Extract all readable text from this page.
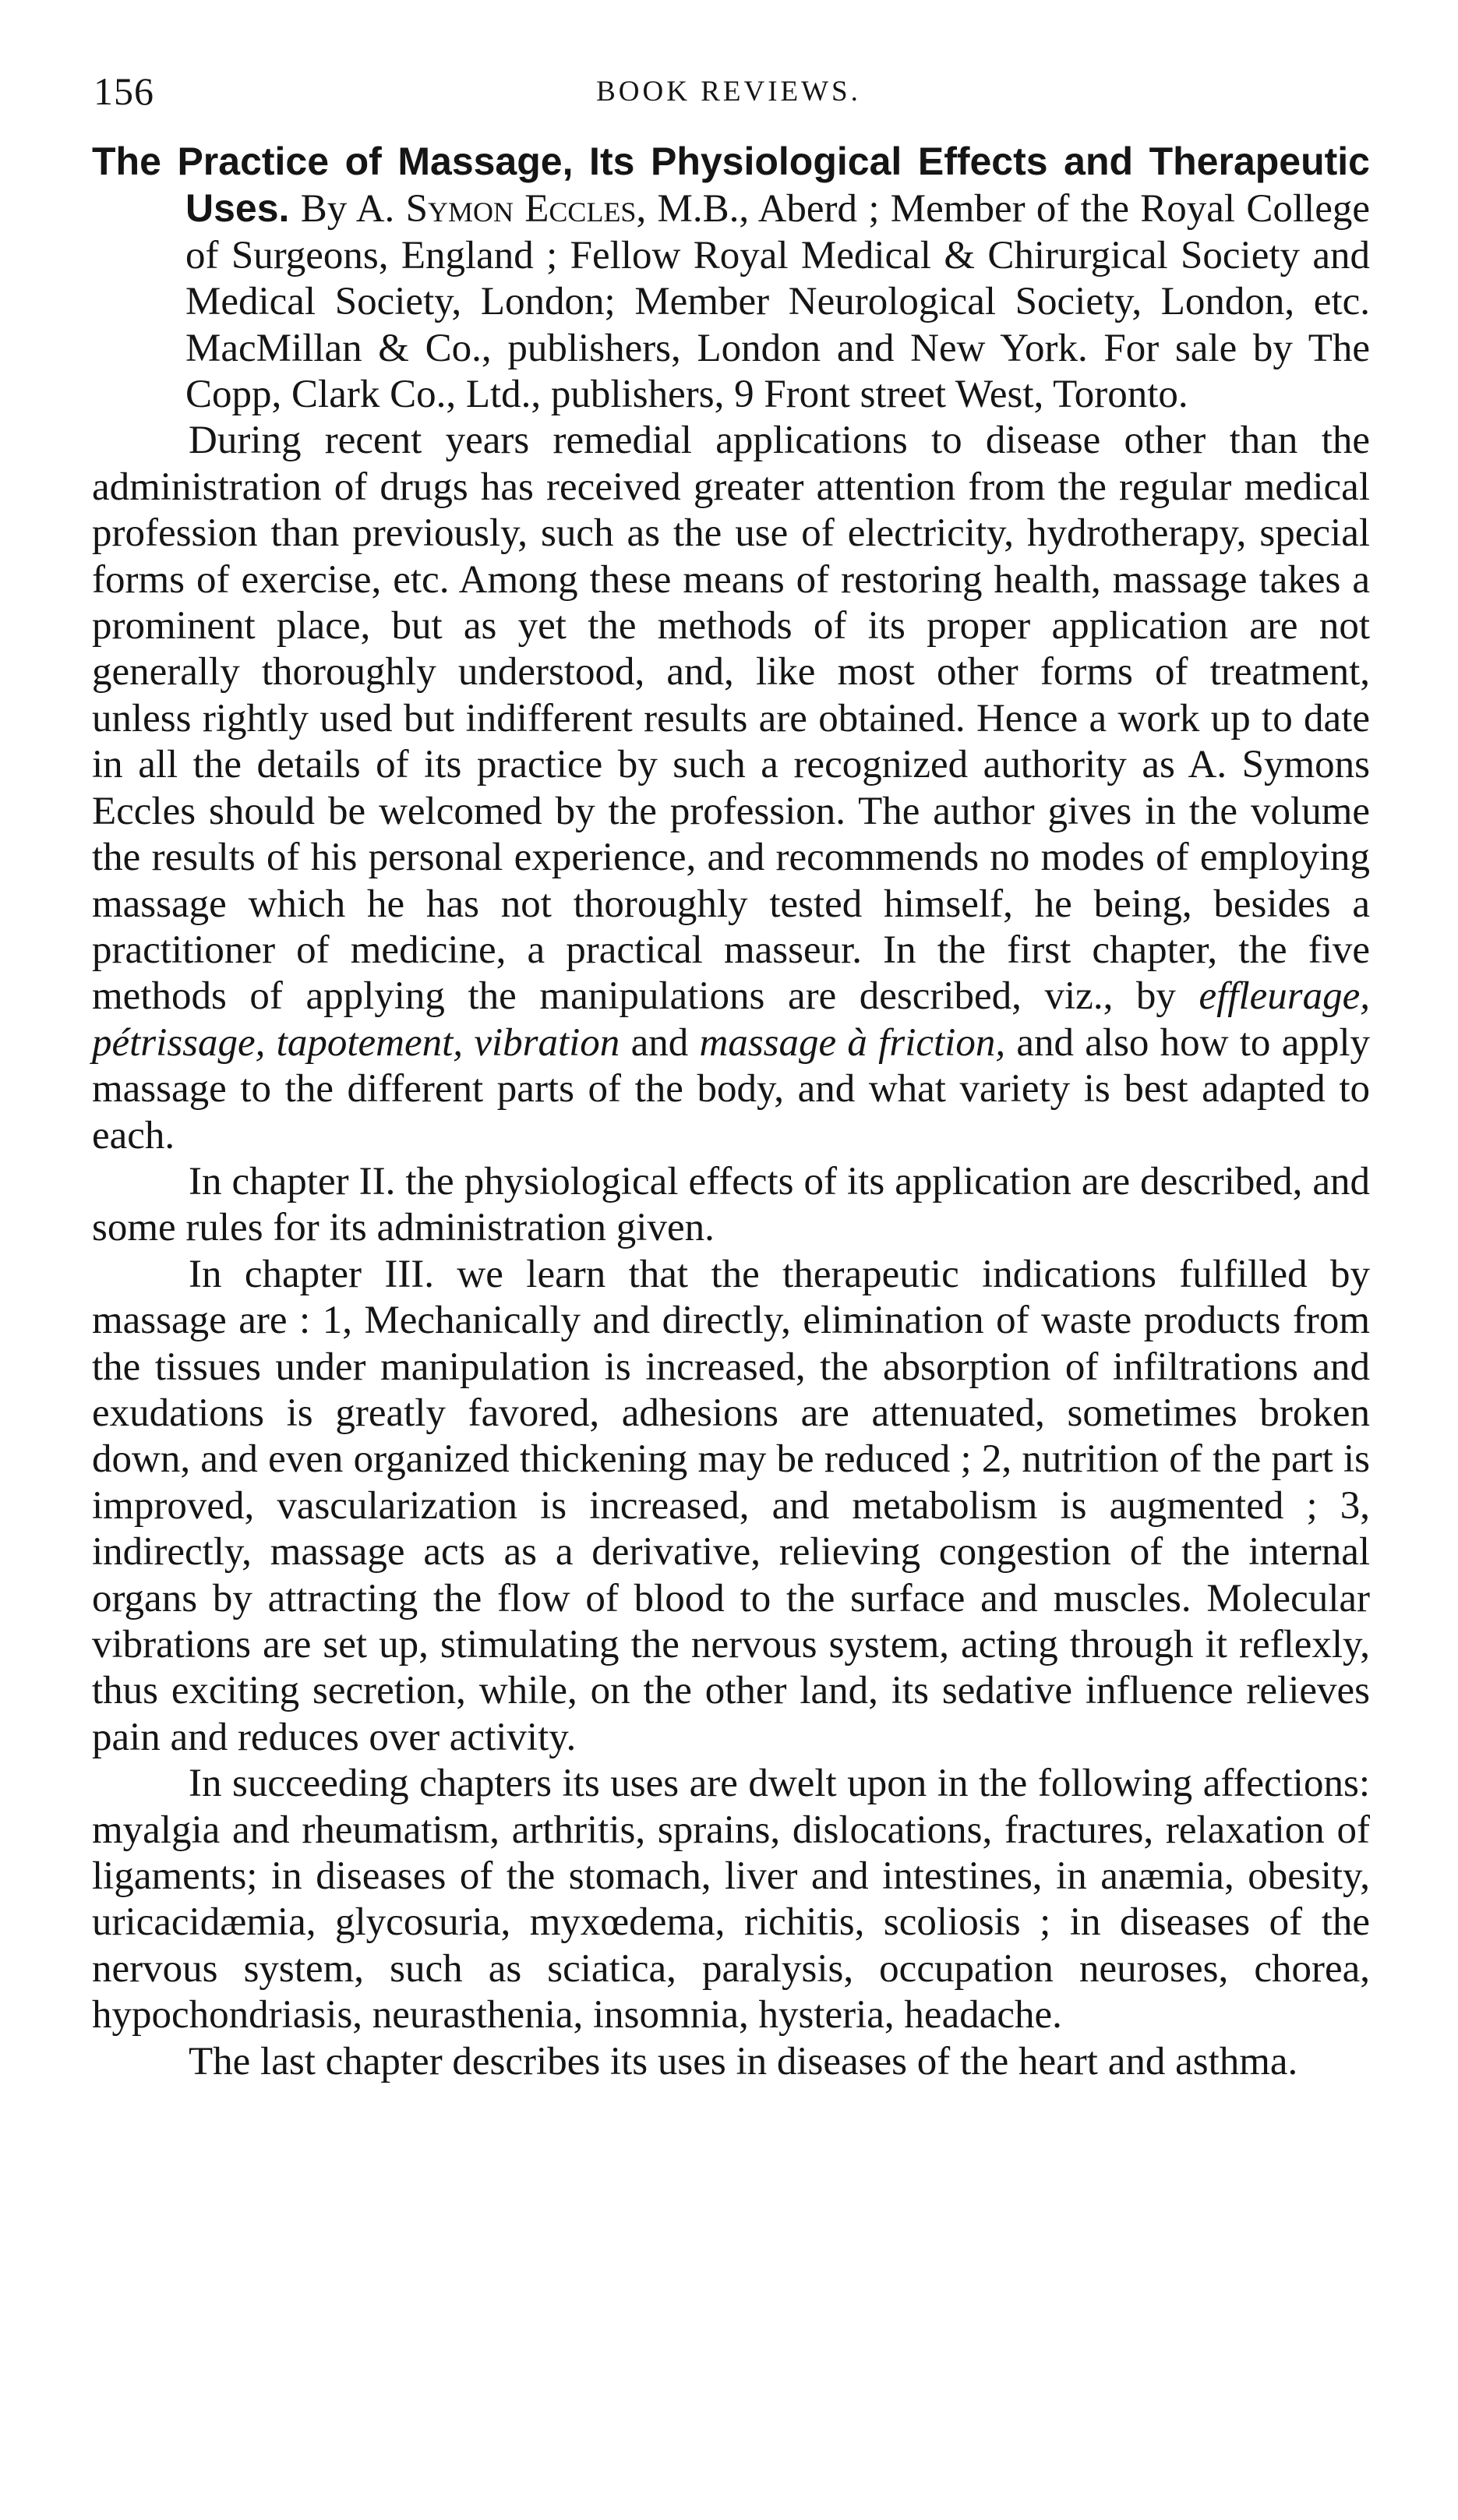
156	BOOK REVIEWS.

The Practice of Massage, Its Physiological Effects and Therapeutic Uses. By A. Symon Eccles, M.B., Aberd ; Member of the Royal College of Surgeons, England ; Fellow Royal Medical & Chirurgical Society and Medical Society, London; Member Neurological Society, London, etc. MacMillan & Co., publishers, London and New York. For sale by The Copp, Clark Co., Ltd., publishers, 9 Front street West, Toronto.

During recent years remedial applications to disease other than the administration of drugs has received greater attention from the regular medical profession than previously, such as the use of electricity, hydrotherapy, special forms of exercise, etc. Among these means of restoring health, massage takes a prominent place, but as yet the methods of its proper application are not generally thoroughly understood, and, like most other forms of treatment, unless rightly used but indifferent results are obtained. Hence a work up to date in all the details of its practice by such a recognized authority as A. Symons Eccles should be welcomed by the profession. The author gives in the volume the results of his personal experience, and recommends no modes of employing massage which he has not thoroughly tested himself, he being, besides a practitioner of medicine, a practical masseur. In the first chapter, the five methods of applying the manipulations are described, viz., by effleurage, pétrissage, tapotement, vibration and massage à friction, and also how to apply massage to the different parts of the body, and what variety is best adapted to each.

In chapter II. the physiological effects of its application are described, and some rules for its administration given.

In chapter III. we learn that the therapeutic indications fulfilled by massage are : 1, Mechanically and directly, elimination of waste products from the tissues under manipulation is increased, the absorption of infiltrations and exudations is greatly favored, adhesions are attenuated, sometimes broken down, and even organized thickening may be reduced ; 2, nutrition of the part is improved, vascularization is increased, and metabolism is augmented ; 3, indirectly, massage acts as a derivative, relieving congestion of the internal organs by attracting the flow of blood to the surface and muscles. Molecular vibrations are set up, stimulating the nervous system, acting through it reflexly, thus exciting secretion, while, on the other land, its sedative influence relieves pain and reduces over activity.

In succeeding chapters its uses are dwelt upon in the following affections: myalgia and rheumatism, arthritis, sprains, dislocations, fractures, relaxation of ligaments; in diseases of the stomach, liver and intestines, in anæmia, obesity, uricacidæmia, glycosuria, myxœdema, richitis, scoliosis ; in diseases of the nervous system, such as sciatica, paralysis, occupation neuroses, chorea, hypochondriasis, neurasthenia, insomnia, hysteria, headache.

The last chapter describes its uses in diseases of the heart and asthma.
